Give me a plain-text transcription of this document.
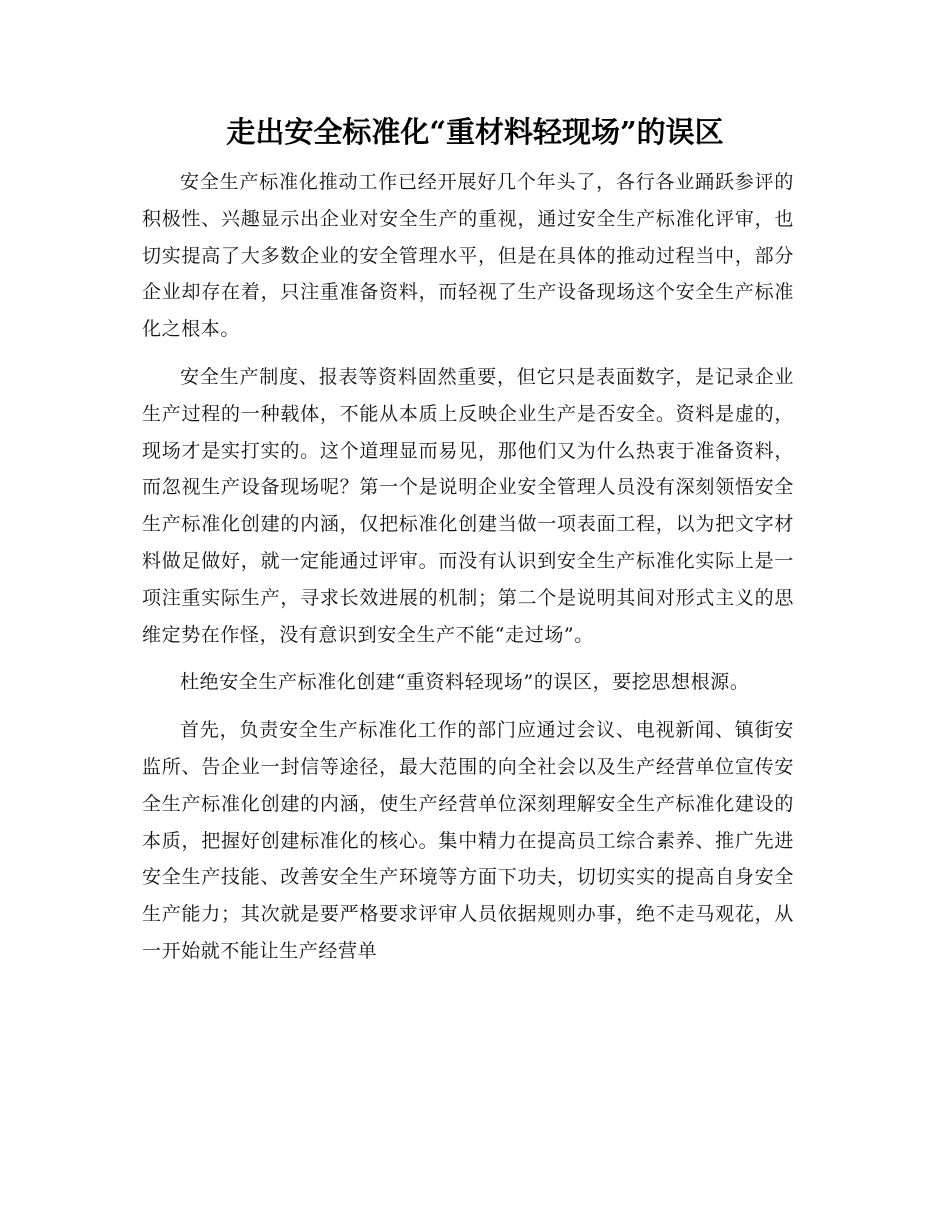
走出安全标准化“重材料轻现场”的误区

安全生产标准化推动工作已经开展好几个年头了，各行各业踊跃参评的积极性、兴趣显示出企业对安全生产的重视，通过安全生产标准化评审，也切实提高了大多数企业的安全管理水平，但是在具体的推动过程当中，部分企业却存在着，只注重准备资料，而轻视了生产设备现场这个安全生产标准化之根本。

安全生产制度、报表等资料固然重要，但它只是表面数字，是记录企业生产过程的一种载体，不能从本质上反映企业生产是否安全。资料是虚的，现场才是实打实的。这个道理显而易见，那他们又为什么热衷于准备资料，而忽视生产设备现场呢？第一个是说明企业安全管理人员没有深刻领悟安全生产标准化创建的内涵，仅把标准化创建当做一项表面工程，以为把文字材料做足做好，就一定能通过评审。而没有认识到安全生产标准化实际上是一项注重实际生产，寻求长效进展的机制；第二个是说明其间对形式主义的思维定势在作怪，没有意识到安全生产不能“走过场”。

杜绝安全生产标准化创建“重资料轻现场”的误区，要挖思想根源。

首先，负责安全生产标准化工作的部门应通过会议、电视新闻、镇街安监所、告企业一封信等途径，最大范围的向全社会以及生产经营单位宣传安全生产标准化创建的内涵，使生产经营单位深刻理解安全生产标准化建设的本质，把握好创建标准化的核心。集中精力在提高员工综合素养、推广先进安全生产技能、改善安全生产环境等方面下功夫，切切实实的提高自身安全生产能力；其次就是要严格要求评审人员依据规则办事，绝不走马观花，从一开始就不能让生产经营单
